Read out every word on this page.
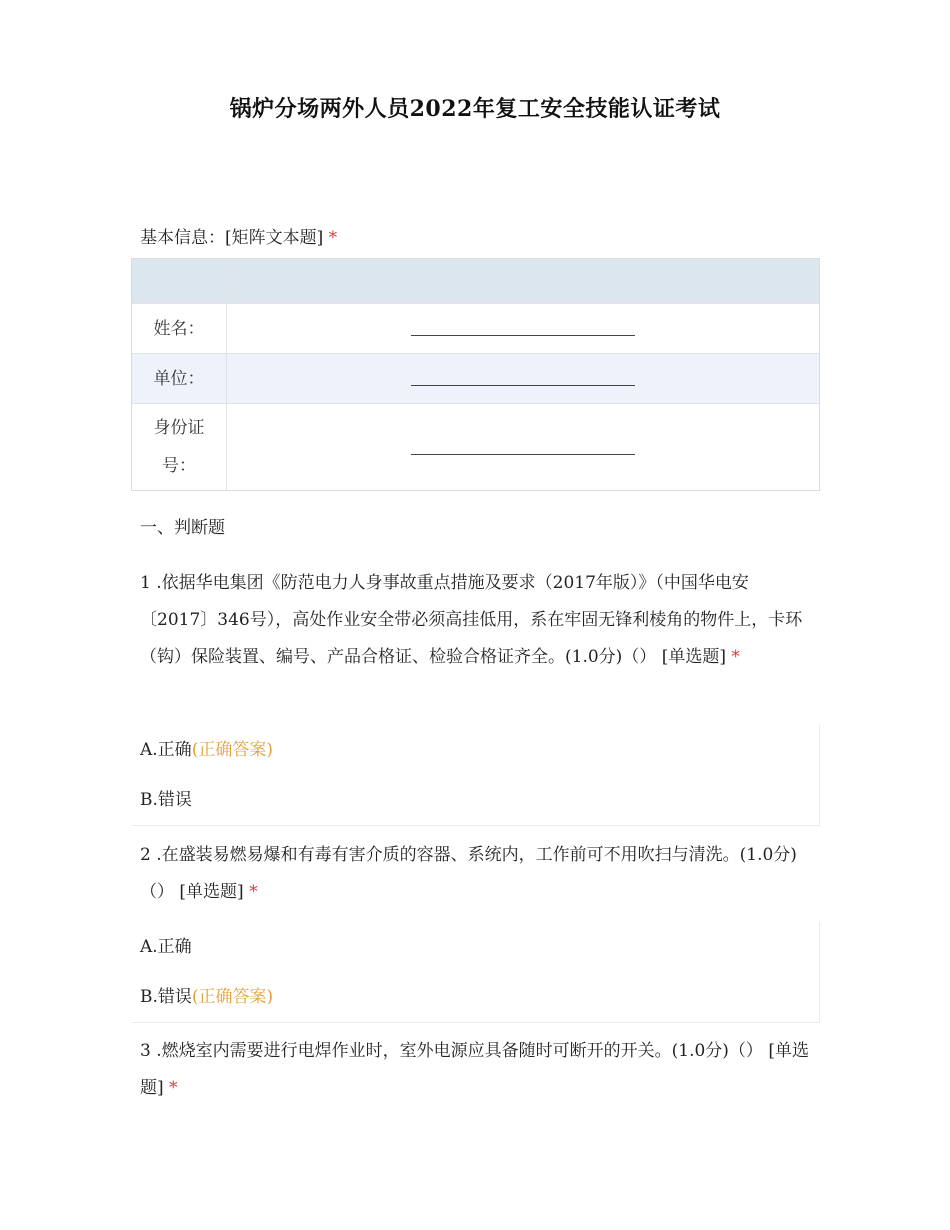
锅炉分场两外人员2022年复工安全技能认证考试
基本信息：[矩阵文本题] *
姓名：
单位：
身份证号：
一、判断题
1 .依据华电集团《防范电力人身事故重点措施及要求（2017年版）》（中国华电安〔2017〕346号），高处作业安全带必须高挂低用，系在牢固无锋利棱角的物件上，卡环（钩）保险装置、编号、产品合格证、检验合格证齐全。(1.0分)（） [单选题] *
A.正确(正确答案)
B.错误
2 .在盛装易燃易爆和有毒有害介质的容器、系统内，工作前可不用吹扫与清洗。(1.0分)（） [单选题] *
A.正确
B.错误(正确答案)
3 .燃烧室内需要进行电焊作业时，室外电源应具备随时可断开的开关。(1.0分)（） [单选题] *
